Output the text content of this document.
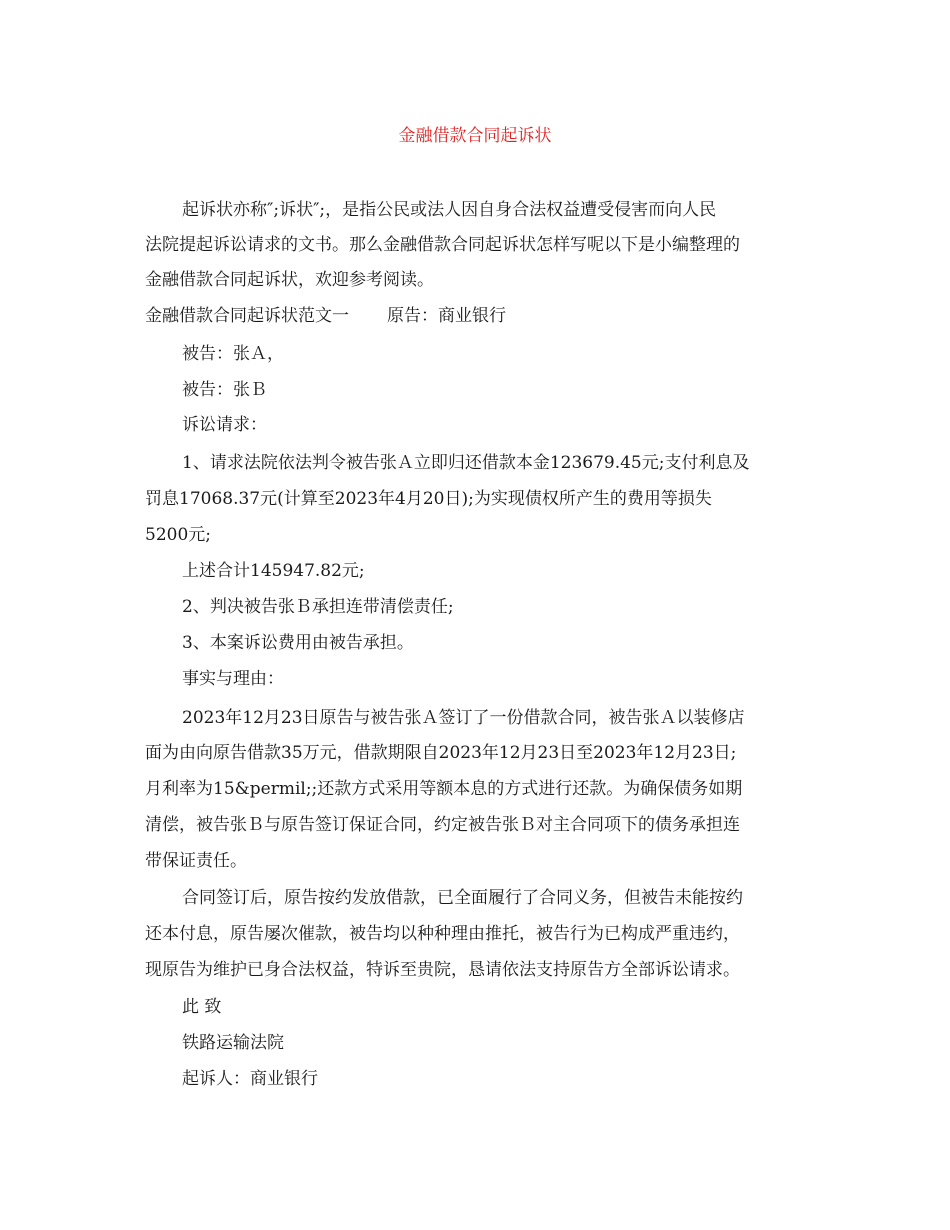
金融借款合同起诉状
起诉状亦称″;诉状″;，是指公民或法人因自身合法权益遭受侵害而向人民
法院提起诉讼请求的文书。那么金融借款合同起诉状怎样写呢以下是小编整理的
金融借款合同起诉状，欢迎参考阅读。
金融借款合同起诉状范文一 原告：商业银行
被告：张Ａ，
被告：张Ｂ
诉讼请求：
1、请求法院依法判令被告张Ａ立即归还借款本金123679.45元;支付利息及
罚息17068.37元(计算至2023年4月20日);为实现债权所产生的费用等损失
5200元;
上述合计145947.82元;
2、判决被告张Ｂ承担连带清偿责任;
3、本案诉讼费用由被告承担。
事实与理由：
2023年12月23日原告与被告张Ａ签订了一份借款合同，被告张Ａ以装修店
面为由向原告借款35万元，借款期限自2023年12月23日至2023年12月23日;
月利率为15&permil;;还款方式采用等额本息的方式进行还款。为确保债务如期
清偿，被告张Ｂ与原告签订保证合同，约定被告张Ｂ对主合同项下的债务承担连
带保证责任。
合同签订后，原告按约发放借款，已全面履行了合同义务，但被告未能按约
还本付息，原告屡次催款，被告均以种种理由推托，被告行为已构成严重违约，
现原告为维护已身合法权益，特诉至贵院，恳请依法支持原告方全部诉讼请求。
此 致
铁路运输法院
起诉人：商业银行
